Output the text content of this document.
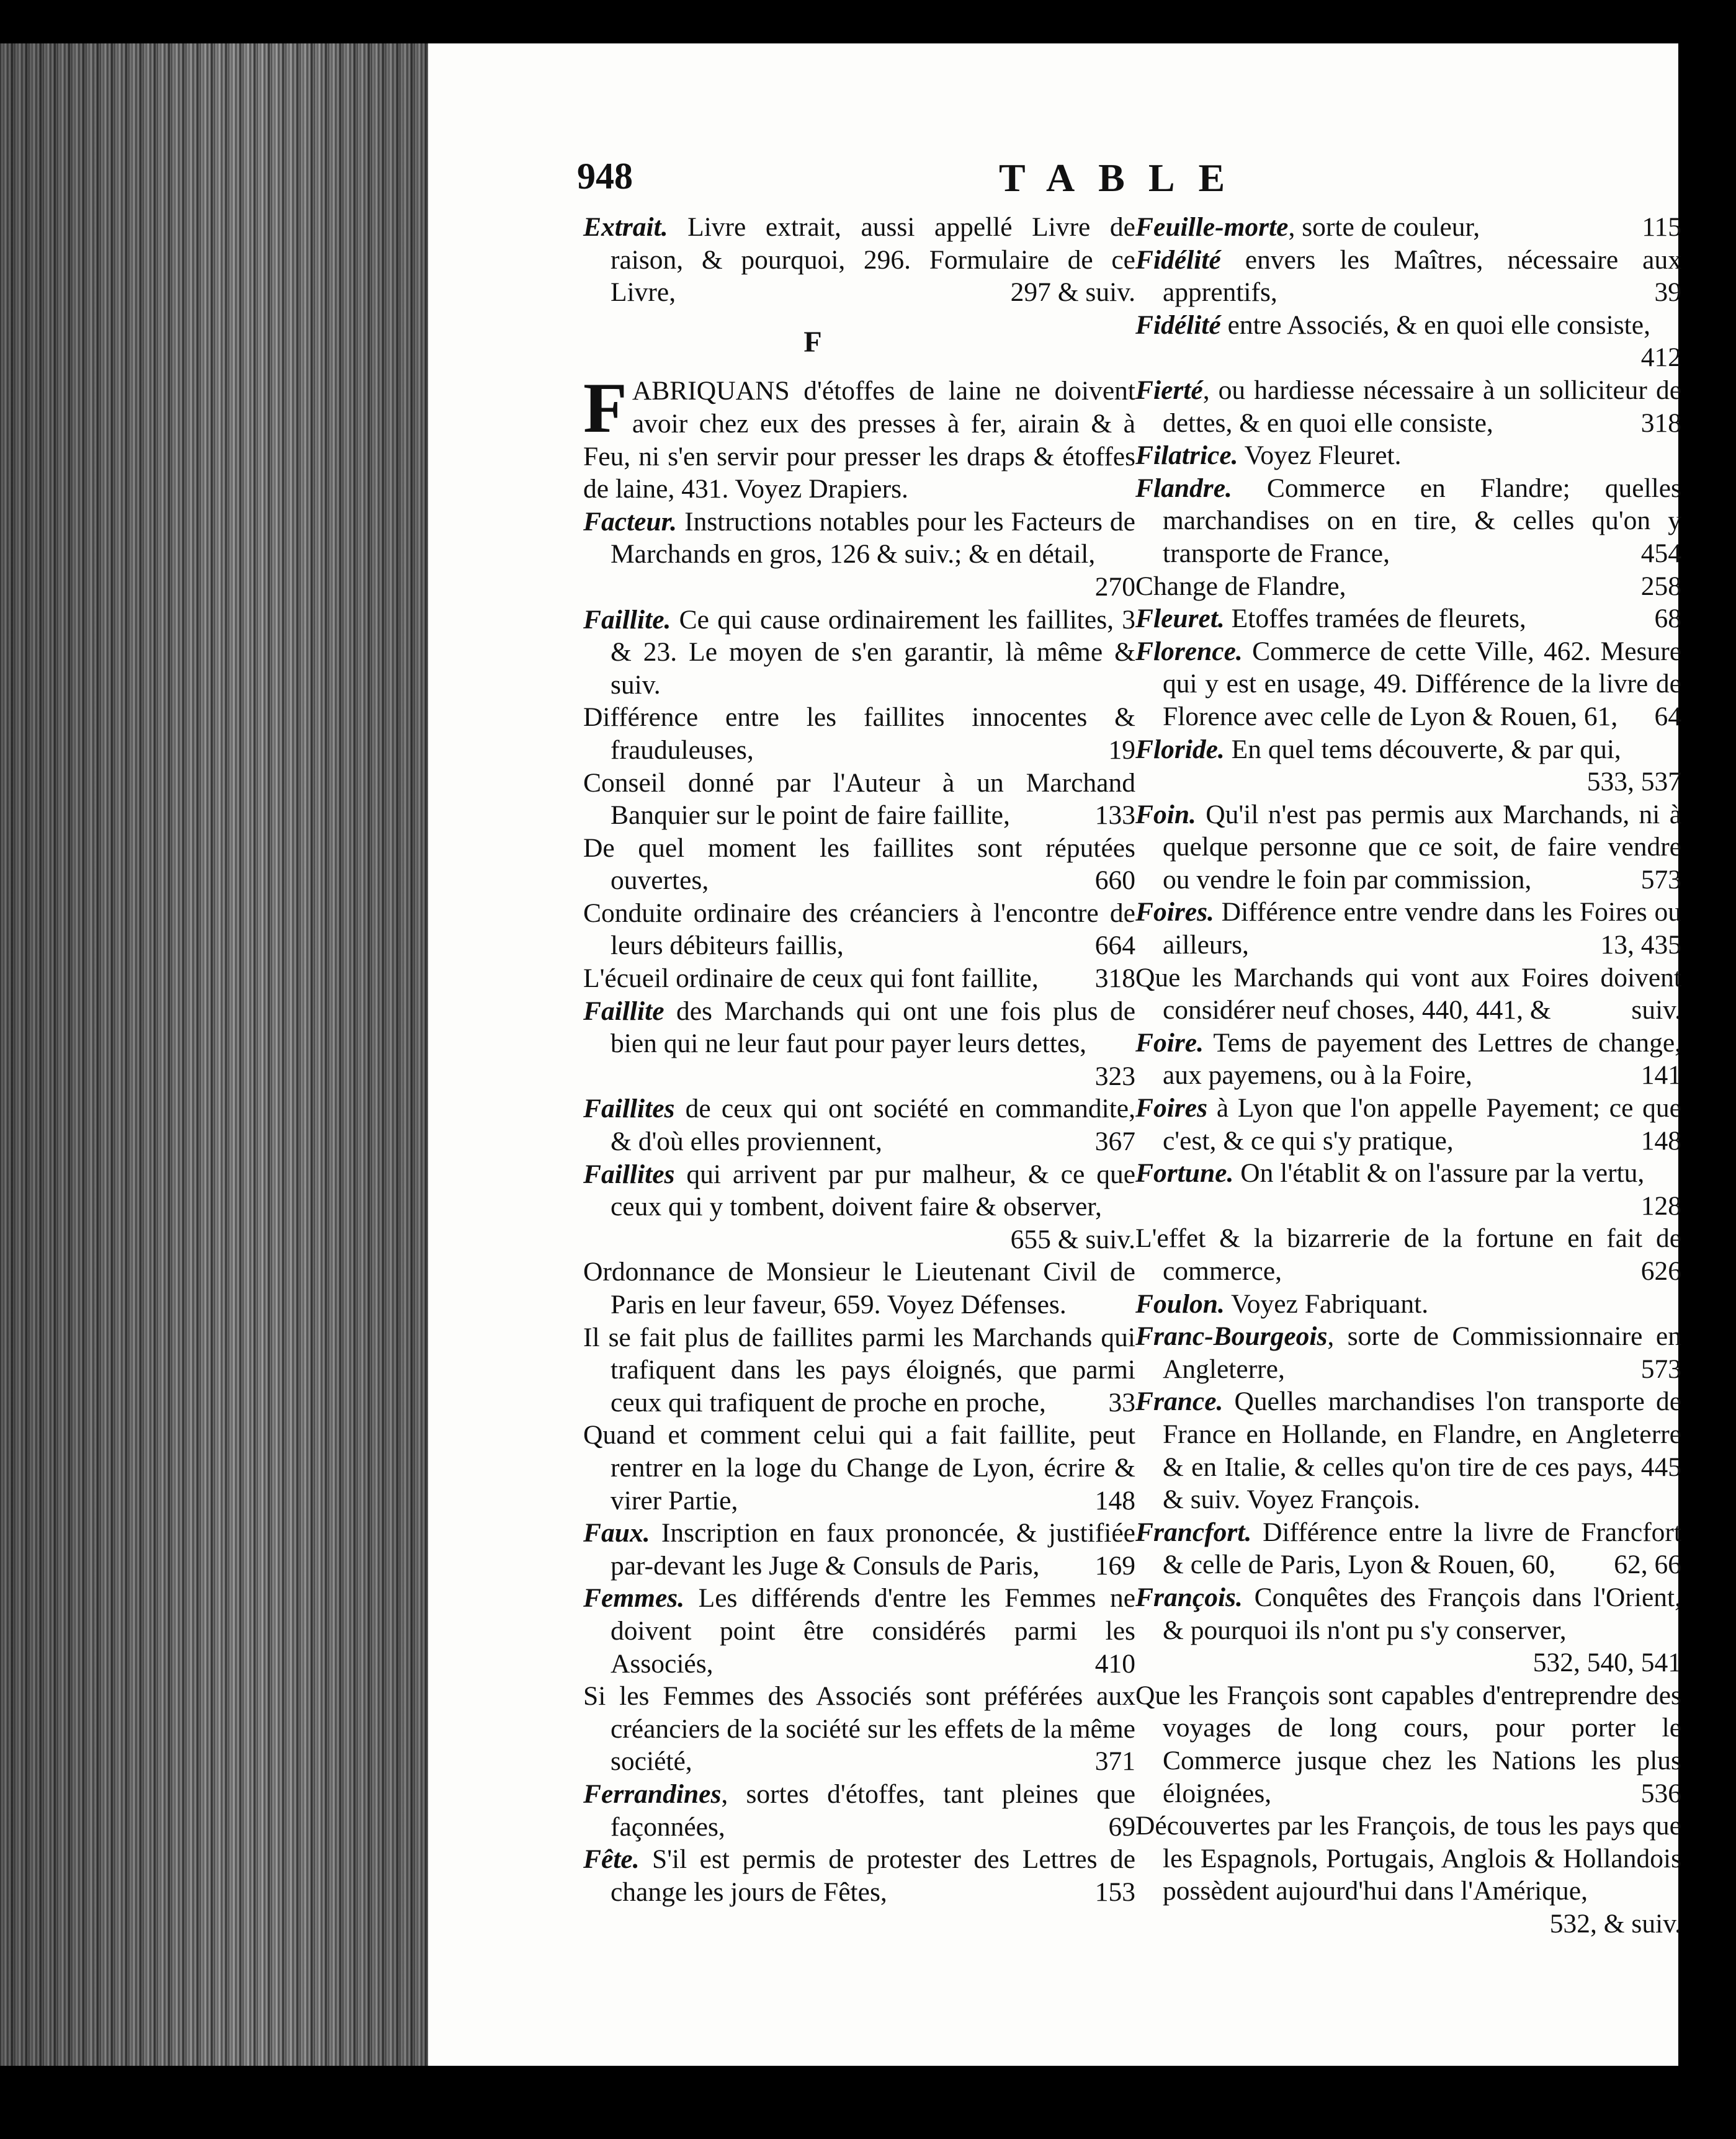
948	TABLE
Extrait. Livre extrait, aussi appellé Livre de raison, & pourquoi, 296. Formulaire de ce Livre,	297 & suiv.
F
F ABRIQUANS d'étoffes de laine ne doivent avoir chez eux des presses à fer, airain & à Feu, ni s'en servir pour presser les draps & étoffes de laine, 431. Voyez Drapiers.
Facteur. Instructions notables pour les Facteurs de Marchands en gros, 126 & suiv.; & en détail,
270
Faillite. Ce qui cause ordinairement les faillites, 3 & 23. Le moyen de s'en garantir, là même & suiv.
Différence entre les faillites innocentes & frauduleuses,	19
Conseil donné par l'Auteur à un Marchand Banquier sur le point de faire faillite,	133
De quel moment les faillites sont réputées ouvertes,	660
Conduite ordinaire des créanciers à l'encontre de leurs débiteurs faillis,	664
L'écueil ordinaire de ceux qui font faillite,	318
Faillite des Marchands qui ont une fois plus de bien qui ne leur faut pour payer leurs dettes,
323
Faillites de ceux qui ont société en commandite, & d'où elles proviennent,	367
Faillites qui arrivent par pur malheur, & ce que ceux qui y tombent, doivent faire & observer,
655 & suiv.
Ordonnance de Monsieur le Lieutenant Civil de Paris en leur faveur, 659. Voyez Défenses.
Il se fait plus de faillites parmi les Marchands qui trafiquent dans les pays éloignés, que parmi ceux qui trafiquent de proche en proche,	33
Quand et comment celui qui a fait faillite, peut rentrer en la loge du Change de Lyon, écrire & virer Partie,	148
Faux. Inscription en faux prononcée, & justifiée par-devant les Juge & Consuls de Paris,	169
Femmes. Les différends d'entre les Femmes ne doivent point être considérés parmi les Associés,	410
Si les Femmes des Associés sont préférées aux créanciers de la société sur les effets de la même société,	371
Ferrandines, sortes d'étoffes, tant pleines que façonnées,	69
Fête. S'il est permis de protester des Lettres de change les jours de Fêtes,	153
Feuille-morte, sorte de couleur,	115
Fidélité envers les Maîtres, nécessaire aux apprentifs,	39
Fidélité entre Associés, & en quoi elle consiste,
412
Fierté, ou hardiesse nécessaire à un solliciteur de dettes, & en quoi elle consiste,	318
Filatrice. Voyez Fleuret.
Flandre. Commerce en Flandre; quelles marchandises on en tire, & celles qu'on y transporte de France,	454
Change de Flandre,	258
Fleuret. Etoffes tramées de fleurets,	68
Florence. Commerce de cette Ville, 462. Mesure qui y est en usage, 49. Différence de la livre de Florence avec celle de Lyon & Rouen, 61,	64
Floride. En quel tems découverte, & par qui,
533, 537
Foin. Qu'il n'est pas permis aux Marchands, ni à quelque personne que ce soit, de faire vendre ou vendre le foin par commission,	573
Foires. Différence entre vendre dans les Foires ou ailleurs,	13, 435
Que les Marchands qui vont aux Foires doivent considérer neuf choses, 440, 441, &	suiv.
Foire. Tems de payement des Lettres de change, aux payemens, ou à la Foire,	141
Foires à Lyon que l'on appelle Payement; ce que c'est, & ce qui s'y pratique,	148
Fortune. On l'établit & on l'assure par la vertu,
128
L'effet & la bizarrerie de la fortune en fait de commerce,	626
Foulon. Voyez Fabriquant.
Franc-Bourgeois, sorte de Commissionnaire en Angleterre,	573
France. Quelles marchandises l'on transporte de France en Hollande, en Flandre, en Angleterre & en Italie, & celles qu'on tire de ces pays, 445 & suiv. Voyez François.
Francfort. Différence entre la livre de Francfort & celle de Paris, Lyon & Rouen, 60,	62, 66
François. Conquêtes des François dans l'Orient, & pourquoi ils n'ont pu s'y conserver,
532, 540, 541
Que les François sont capables d'entreprendre des voyages de long cours, pour porter le Commerce jusque chez les Nations les plus éloignées,	536
Découvertes par les François, de tous les pays que les Espagnols, Portugais, Anglois & Hollandois possèdent aujourd'hui dans l'Amérique,
532, & suiv.
